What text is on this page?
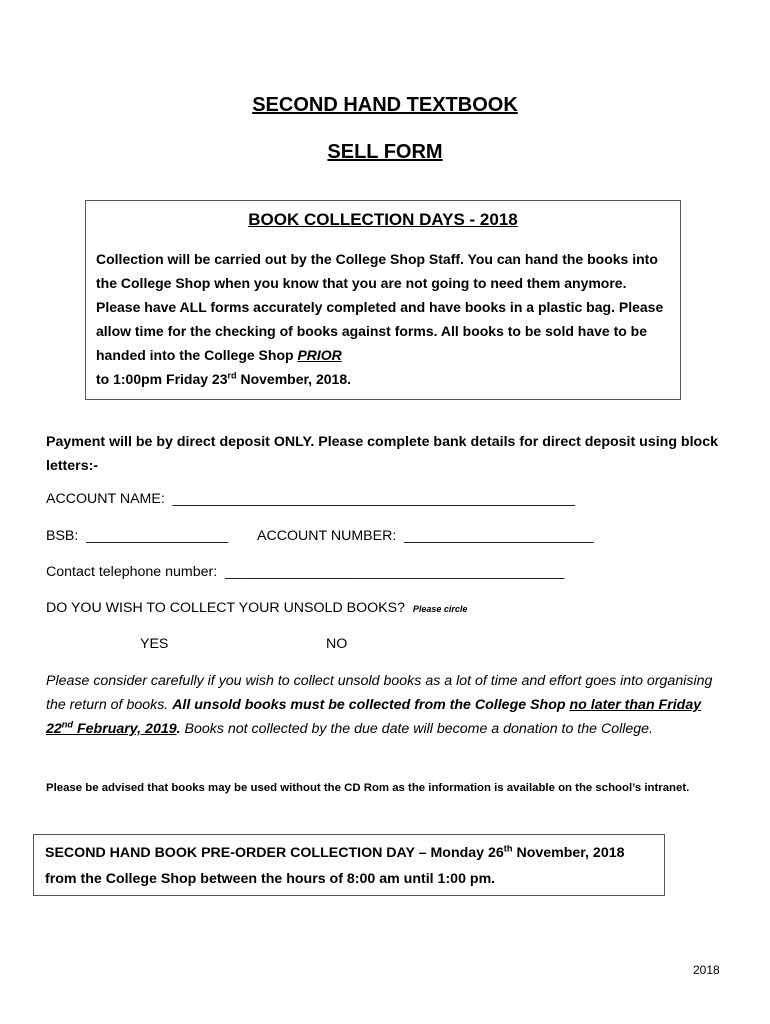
SECOND HAND TEXTBOOK
SELL FORM
BOOK COLLECTION DAYS - 2018
Collection will be carried out by the College Shop Staff. You can hand the books into the College Shop when you know that you are not going to need them anymore. Please have ALL forms accurately completed and have books in a plastic bag. Please allow time for the checking of books against forms. All books to be sold have to be handed into the College Shop PRIOR
to 1:00pm Friday 23rd November, 2018.
Payment will be by direct deposit ONLY. Please complete bank details for direct deposit using block letters:-
ACCOUNT NAME:  ___________________________________________________
BSB:  __________________ ACCOUNT NUMBER:  ________________________
Contact telephone number:  ___________________________________________
DO YOU WISH TO COLLECT YOUR UNSOLD BOOKS? Please circle
YES	NO
Please consider carefully if you wish to collect unsold books as a lot of time and effort goes into organising the return of books. All unsold books must be collected from the College Shop no later than Friday 22nd February, 2019. Books not collected by the due date will become a donation to the College.
Please be advised that books may be used without the CD Rom as the information is available on the school’s intranet.
SECOND HAND BOOK PRE-ORDER COLLECTION DAY – Monday 26th November, 2018 from the College Shop between the hours of 8:00 am until 1:00 pm.
2018
